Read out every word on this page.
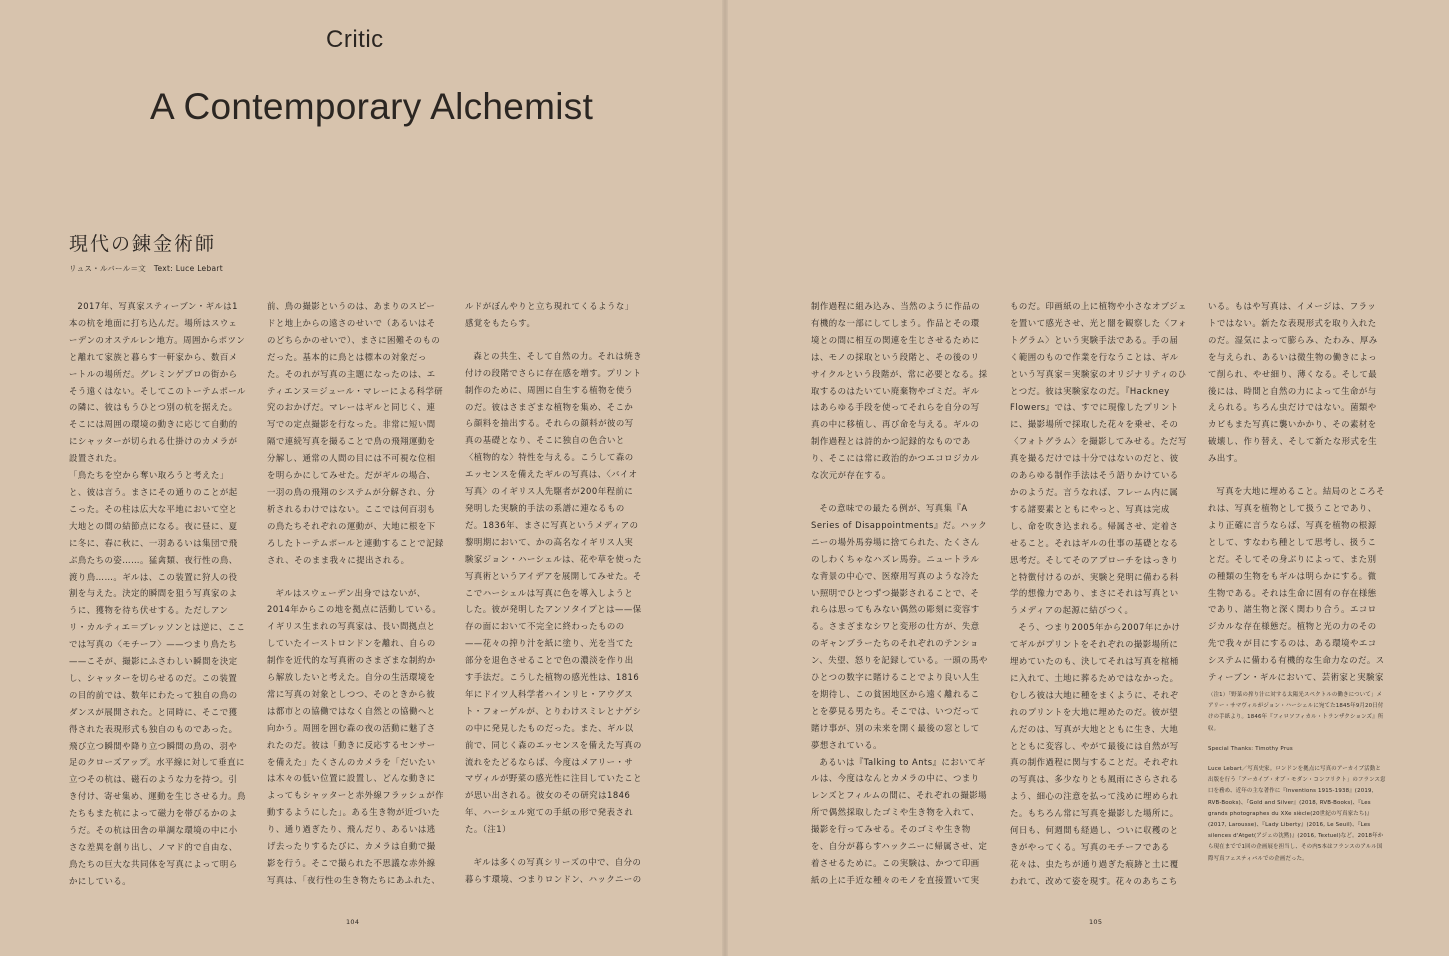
Critic
A Contemporary Alchemist
現代の錬金術師
リュス・ルバール＝文　Text: Luce Lebart

2017年、写真家スティーブン・ギルは1本の杭を地面に打ち込んだ。場所はスウェーデンのオステルレン地方。周囲からポツンと離れて家族と暮らす一軒家から、数百メートルの場所だ。グレミンゲブロの街からそう遠くはない。そしてこのトーテムポールの隣に、彼はもうひとつ別の杭を据えた。そこには周囲の環境の動きに応じて自動的にシャッターが切られる仕掛けのカメラが設置された。

「鳥たちを空から奪い取ろうと考えた」と、彼は言う。まさにその通りのことが起こった。その柱は広大な平地において空と大地との間の結節点になる。夜に昼に、夏に冬に、春に秋に、一羽あるいは集団で飛ぶ鳥たちの姿……。猛禽類、夜行性の鳥、渡り鳥……。ギルは、この装置に狩人の役割を与えた。決定的瞬間を狙う写真家のように、獲物を待ち伏せする。ただしアンリ・カルティエ＝ブレッソンとは逆に、ここでは写真の〈モチーフ〉——つまり鳥たち——こそが、撮影にふさわしい瞬間を決定し、シャッターを切らせるのだ。この装置の目的前では、数年にわたって独自の鳥のダンスが展開された。と同時に、そこで獲得された表現形式も独自のものであった。飛び立つ瞬間や降り立つ瞬間の鳥の、羽や足のクローズアップ。水平線に対して垂直に立つその杭は、磁石のような力を持つ。引き付け、寄せ集め、運動を生じさせる力。鳥たちもまた杭によって磁力を帯びるかのようだ。その杭は田舎の単調な環境の中に小さな差異を創り出し、ノマド的で自由な、鳥たちの巨大な共同体を写真によって明らかにしている。

前、鳥の撮影というのは、あまりのスピードと地上からの遠さのせいで（あるいはそのどちらかのせいで）、まさに困難そのものだった。基本的に鳥とは標本の対象だった。そのれが写真の主題になったのは、エティエンヌ＝ジュール・マレーによる科学研究のおかげだ。マレーはギルと同じく、連写での定点撮影を行なった。非常に短い間隔で連続写真を撮ることで鳥の飛翔運動を分解し、通常の人間の目には不可視な位相を明らかにしてみせた。だがギルの場合、一羽の鳥の飛翔のシステムが分解され、分析されるわけではない。ここでは何百羽もの鳥たちそれぞれの運動が、大地に根を下ろしたトーテムポールと連動することで記録され、そのまま我々に提出される。

ギルはスウェーデン出身ではないが、2014年からこの地を拠点に活動している。イギリス生まれの写真家は、長い間拠点としていたイーストロンドンを離れ、自らの制作を近代的な写真術のさまざまな制約から解放したいと考えた。自分の生活環境を常に写真の対象としつつ、そのときから彼は都市との協働ではなく自然との協働へと向かう。周囲を囲む森の夜の活動に魅了されたのだ。彼は「動きに反応するセンサーを備えた」たくさんのカメラを「だいたいは木々の低い位置に設置し、どんな動きによってもシャッターと赤外線フラッシュが作動するようにした」。ある生き物が近づいたり、通り過ぎたり、飛んだり、あるいは逃げ去ったりするたびに、カメラは自動で撮影を行う。そこで撮られた不思議な赤外線写真は、「夜行性の生き物たちにあふれた、

ルドがぼんやりと立ち現れてくるような」感覚をもたらす。

森との共生、そして自然の力。それは焼き付けの段階でさらに存在感を増す。プリント制作のために、周囲に自生する植物を使うのだ。彼はさまざまな植物を集め、そこから顔料を抽出する。それらの顔料が彼の写真の基礎となり、そこに独自の色合いと〈植物的な〉特性を与える。こうして森のエッセンスを備えたギルの写真は、〈バイオ写真〉のイギリス人先駆者が200年程前に発明した実験的手法の系譜に連なるものだ。1836年、まさに写真というメディアの黎明期において、かの高名なイギリス人実験家ジョン・ハーシェルは、花や草を使った写真術というアイデアを展開してみせた。そこでハーシェルは写真に色を導入しようとした。彼が発明したアンソタイプとは——保存の面において不完全に終わったものの——花々の搾り汁を紙に塗り、光を当てた部分を退色させることで色の濃淡を作り出す手法だ。こうした植物の感光性は、1816年にドイツ人科学者ハインリヒ・アウグスト・フォーゲルが、とりわけスミレとナゲシの中に発見したものだった。また、ギル以前で、同じく森のエッセンスを備えた写真の流れをたどるならば、今度はメアリー・サマヴィルが野菜の感光性に注目していたことが思い出される。彼女のその研究は1846年、ハーシェル宛ての手紙の形で発表された。（注1）

ギルは多くの写真シリーズの中で、自分の暮らす環境、つまりロンドン、ハックニーの

制作過程に組み込み、当然のように作品の有機的な一部にしてしまう。作品とその環境との間に相互の関連を生じさせるためには、モノの採取という段階と、その後のリサイクルという段階が、常に必要となる。採取するのはたいてい廃棄物やゴミだ。ギルはあらゆる手段を使ってそれらを自分の写真の中に移植し、再び命を与える。ギルの制作過程とは詩的かつ記録的なものであり、そこには常に政治的かつエコロジカルな次元が存在する。

その意味での最たる例が、写真集『A Series of Disappointments』だ。ハックニーの場外馬券場に捨てられた、たくさんのしわくちゃなハズレ馬券。ニュートラルな背景の中心で、医療用写真のような冷たい照明でひとつずつ撮影されることで、それらは思ってもみない偶然の彫刻に変容する。さまざまなシワと変形の仕方が、失意のギャンブラーたちのそれぞれのテンション、失望、怒りを記録している。一頭の馬やひとつの数字に賭けることでより良い人生を期待し、この貧困地区から遠く離れることを夢見る男たち。そこでは、いつだって賭け事が、別の未来を開く最後の窓として夢想されている。

あるいは『Talking to Ants』においてギルは、今度はなんとカメラの中に、つまりレンズとフィルムの間に、それぞれの撮影場所で偶然採取したゴミや生き物を入れて、撮影を行ってみせる。そのゴミや生き物を、自分が暮らすハックニーに帰属させ、定着させるために。この実験は、かつて印画紙の上に手近な種々のモノを直接置いて実

ものだ。印画紙の上に植物や小さなオブジェを置いて感光させ、光と闇を観察した〈フォトグラム〉という実験手法である。手の届く範囲のもので作業を行なうことは、ギルという写真家＝実験家のオリジナリティのひとつだ。彼は実験家なのだ。『Hackney Flowers』では、すでに現像したプリントに、撮影場所で採取した花々を乗せ、その〈フォトグラム〉を撮影してみせる。ただ写真を撮るだけでは十分ではないのだと、彼のあらゆる制作手法はそう語りかけているかのようだ。言うなれば、フレーム内に属する諸要素とともにやっと、写真は完成し、命を吹き込まれる。帰属させ、定着させること。それはギルの仕事の基礎となる思考だ。そしてそのアプローチをはっきりと特徴付けるのが、実験と発明に備わる科学的想像力であり、まさにそれは写真というメディアの起源に結びつく。

そう、つまり2005年から2007年にかけてギルがプリントをそれぞれの撮影場所に埋めていたのも、決してそれは写真を棺桶に入れて、土地に葬るためではなかった。むしろ彼は大地に種をまくように、それぞれのプリントを大地に埋めたのだ。彼が望んだのは、写真が大地とともに生き、大地とともに変容し、やがて最後には自然が写真の制作過程に関与することだ。それぞれの写真は、多少なりとも風雨にさらされるよう、細心の注意を払って浅めに埋められた。もちろん常に写真を撮影した場所に。何日も、何週間も経過し、ついに収穫のときがやってくる。写真のモチーフである花々は、虫たちが通り過ぎた痕跡と土に覆われて、改めて姿を現す。花々のあちこち

いる。もはや写真は、イメージは、フラットではない。新たな表現形式を取り入れたのだ。湿気によって膨らみ、たわみ、厚みを与えられ、あるいは微生物の働きによって削られ、やせ細り、薄くなる。そして最後には、時間と自然の力によって生命が与えられる。ちろん虫だけではない。菌類やカビもまた写真に襲いかかり、その素材を破壊し、作り替え、そして新たな形式を生み出す。

写真を大地に埋めること。結局のところそれは、写真を植物として扱うことであり、より正確に言うならば、写真を植物の根源として、すなわち種として思考し、扱うことだ。そしてその身ぶりによって、また別の種類の生物をもギルは明らかにする。微生物である。それは生命に固有の存在様態であり、諸生物と深く関わり合う。エコロジカルな存在様態だ。植物と光の力のその先で我々が目にするのは、ある環境やエコシステムに備わる有機的な生命力なのだ。スティーブン・ギルにおいて、芸術家と実験家

（注1）「野菜の搾り汁に対する太陽光スペクトルの働きについて」メアリー・サマヴィルがジョン・ハーシェルに宛てた1845年9月20日付けの手紙より。1846年『フィロソフィカル・トランザクションズ』所収。

Special Thanks: Timothy Prus

Luce Lebart／写真史家。ロンドンを拠点に写真のアーカイブ活動と出版を行う「アーカイブ・オブ・モダン・コンフリクト」のフランス窓口を務め、近年の主な著作に『Inventions 1915-1938』(2019, RVB-Books)、『Gold and Silver』(2018, RVB-Books)、『Les grands photographes du XXe siècle(20世紀の写真家たち)』(2017, Larousse)、『Lady Liberty』(2016, Le Seuil)、『Les silences d'Atget(アジェの沈黙)』(2016, Textuel)など。2018年から現在までで1回の企画展を担当し、その内5本はフランスのアルル国際写真フェスティバルでの企画だった。

104	105
